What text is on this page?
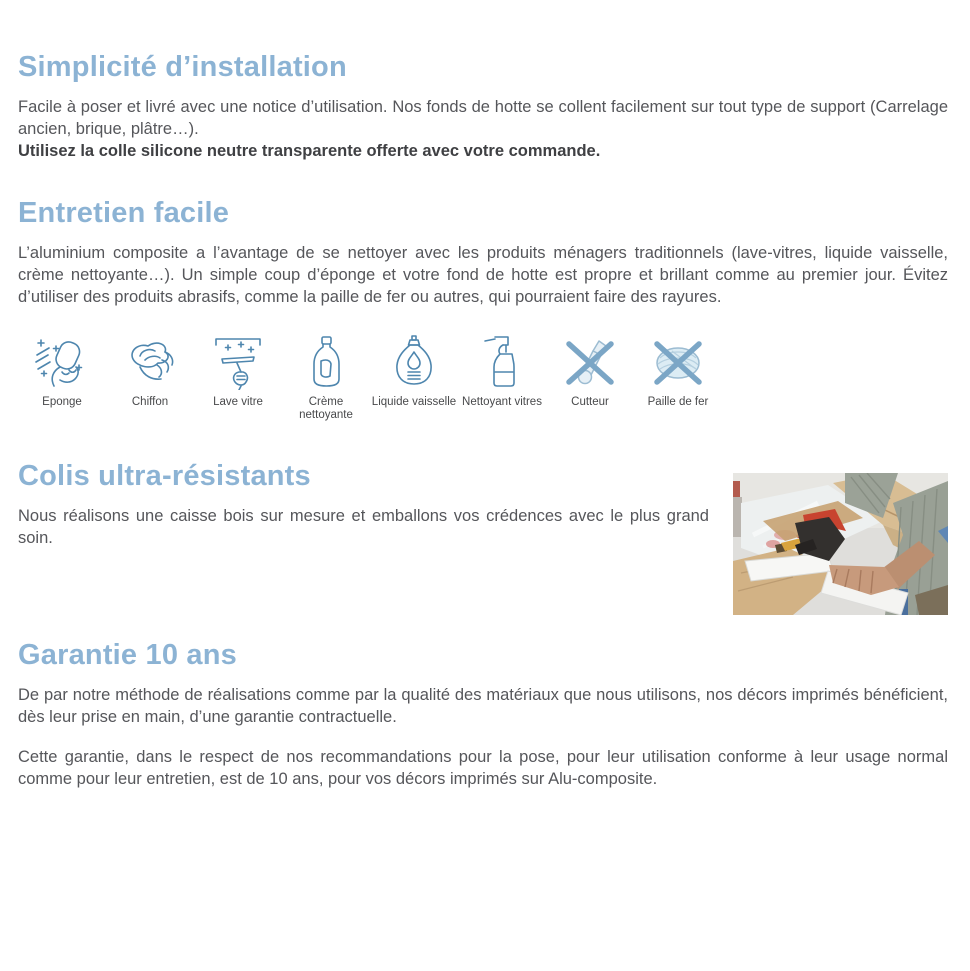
Simplicité d’installation

Facile à poser et livré avec une notice d’utilisation. Nos fonds de hotte se collent facilement sur tout type de support (Carrelage ancien, brique, plâtre…).
Utilisez la colle silicone neutre transparente offerte avec votre commande.

Entretien facile

L’aluminium composite a l’avantage de se nettoyer avec les produits ménagers traditionnels (lave-vitres, liquide vaisselle, crème nettoyante…). Un simple coup d’éponge et votre fond de hotte est propre et brillant comme au premier jour. Évitez d’utiliser des produits abrasifs, comme la paille de fer ou autres, qui pourraient faire des rayures.

Eponge	Chiffon	Lave vitre	Crème nettoyante
Liquide vaisselle Nettoyant vitres	Cutteur	Paille de fer
Colis ultra-résistants

Nous réalisons une caisse bois sur mesure et emballons vos crédences avec le plus grand soin.

Garantie 10 ans

De par notre méthode de réalisations comme par la qualité des matériaux que nous utilisons, nos décors imprimés bénéficient, dès leur prise en main, d’une garantie contractuelle.

Cette garantie, dans le respect de nos recommandations pour la pose, pour leur utilisation conforme à leur usage normal comme pour leur entretien, est de 10 ans, pour vos décors imprimés sur Alu-composite.
